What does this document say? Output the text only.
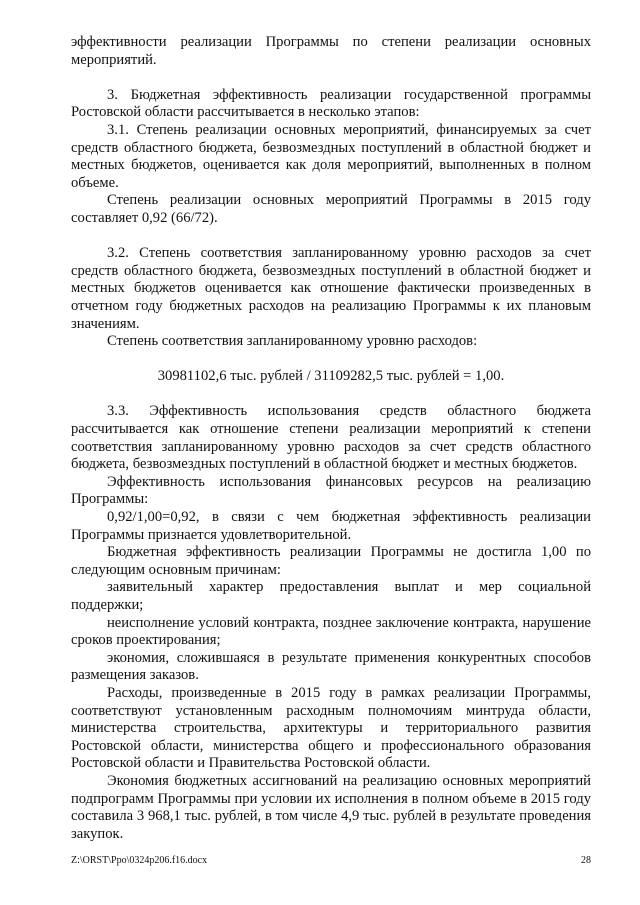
эффективности реализации Программы по степени реализации основных мероприятий.

3. Бюджетная эффективность реализации государственной программы Ростовской области рассчитывается в несколько этапов:

3.1. Степень реализации основных мероприятий, финансируемых за счет средств областного бюджета, безвозмездных поступлений в областной бюджет и местных бюджетов, оценивается как доля мероприятий, выполненных в полном объеме.

Степень реализации основных мероприятий Программы в 2015 году составляет 0,92 (66/72).

3.2. Степень соответствия запланированному уровню расходов за счет средств областного бюджета, безвозмездных поступлений в областной бюджет и местных бюджетов оценивается как отношение фактически произведенных в отчетном году бюджетных расходов на реализацию Программы к их плановым значениям.

Степень соответствия запланированному уровню расходов:

30981102,6 тыс. рублей / 31109282,5 тыс. рублей = 1,00.

3.3. Эффективность использования средств областного бюджета рассчитывается как отношение степени реализации мероприятий к степени соответствия запланированному уровню расходов за счет средств областного бюджета, безвозмездных поступлений в областной бюджет и местных бюджетов.

Эффективность использования финансовых ресурсов на реализацию Программы:

0,92/1,00=0,92, в связи с чем бюджетная эффективность реализации Программы признается удовлетворительной.

Бюджетная эффективность реализации Программы не достигла 1,00 по следующим основным причинам:

заявительный характер предоставления выплат и мер социальной поддержки;

неисполнение условий контракта, позднее заключение контракта, нарушение сроков проектирования;

экономия, сложившаяся в результате применения конкурентных способов размещения заказов.

Расходы, произведенные в 2015 году в рамках реализации Программы, соответствуют установленным расходным полномочиям минтруда области, министерства строительства, архитектуры и территориального развития Ростовской области, министерства общего и профессионального образования Ростовской области и Правительства Ростовской области.

Экономия бюджетных ассигнований на реализацию основных мероприятий подпрограмм Программы при условии их исполнения в полном объеме в 2015 году составила 3 968,1 тыс. рублей, в том числе 4,9 тыс. рублей в результате проведения закупок.

Z:\ORST\Ppo\0324p206.f16.docx	28
